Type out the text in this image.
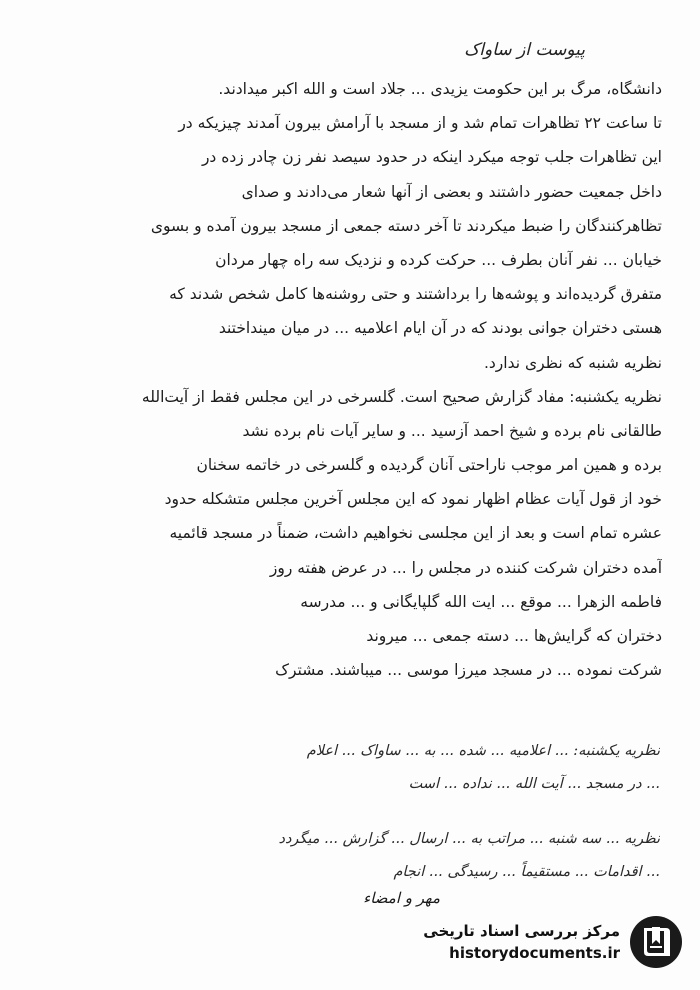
پیوست از ساواک
دانشگاه، مرگ بر این حکومت یزیدی ... جلاد است و الله اکبر میدادند.
تا ساعت ۲۲ تظاهرات تمام شد و از مسجد با آرامش بیرون آمدند چیزیکه در
این تظاهرات جلب توجه میکرد اینکه در حدود سیصد نفر زن چادر زده در
داخل جمعیت حضور داشتند و بعضی از آنها شعار می‌دادند و صدای
تظاهرکنندگان را ضبط میکردند تا آخر دسته جمعی از مسجد بیرون آمده و بسوی
خیابان ... نفر آنان بطرف ... حرکت کرده و نزدیک سه راه چهار مردان
متفرق گردیده‌اند و پوشه‌ها را برداشتند و حتی روشنه‌ها کامل شخص شدند که
هستی دختران جوانی بودند که در آن ایام اعلامیه ... در میان مینداختند
نظریه شنبه که نظری ندارد.
نظریه یکشنبه: مفاد گزارش صحیح است. گلسرخی در این مجلس فقط از آیت‌الله
طالقانی نام برده و شیخ احمد آزسید ... و سایر آیات نام برده نشد
برده و همین امر موجب ناراحتی آنان گردیده و گلسرخی در خاتمه سخنان
خود از قول آیات عظام اظهار نمود که این مجلس آخرین مجلس متشکله حدود
عشره تمام است و بعد از این مجلسی نخواهیم داشت، ضمناً در مسجد قائمیه
آمده دختران شرکت کننده در مجلس را ... در عرض هفته روز
فاطمه الزهرا ... موقع ... ایت الله گلپایگانی و ... مدرسه
دختران که گرایش‌ها ... دسته جمعی ... میروند
شرکت نموده ... در مسجد میرزا موسی ... میباشند. مشترک
نظریه یکشنبه: ... اعلامیه ... شده ... به ... ساواک ... اعلام
... در مسجد ... آیت الله ... نداده ... است
نظریه ... سه شنبه ... مراتب به ... ارسال ... گزارش ... میگردد
... اقدامات ... مستقیماً ... رسیدگی ... انجام
مهر و امضاء
مرکز بررسی اسناد تاریخی
historydocuments.ir
